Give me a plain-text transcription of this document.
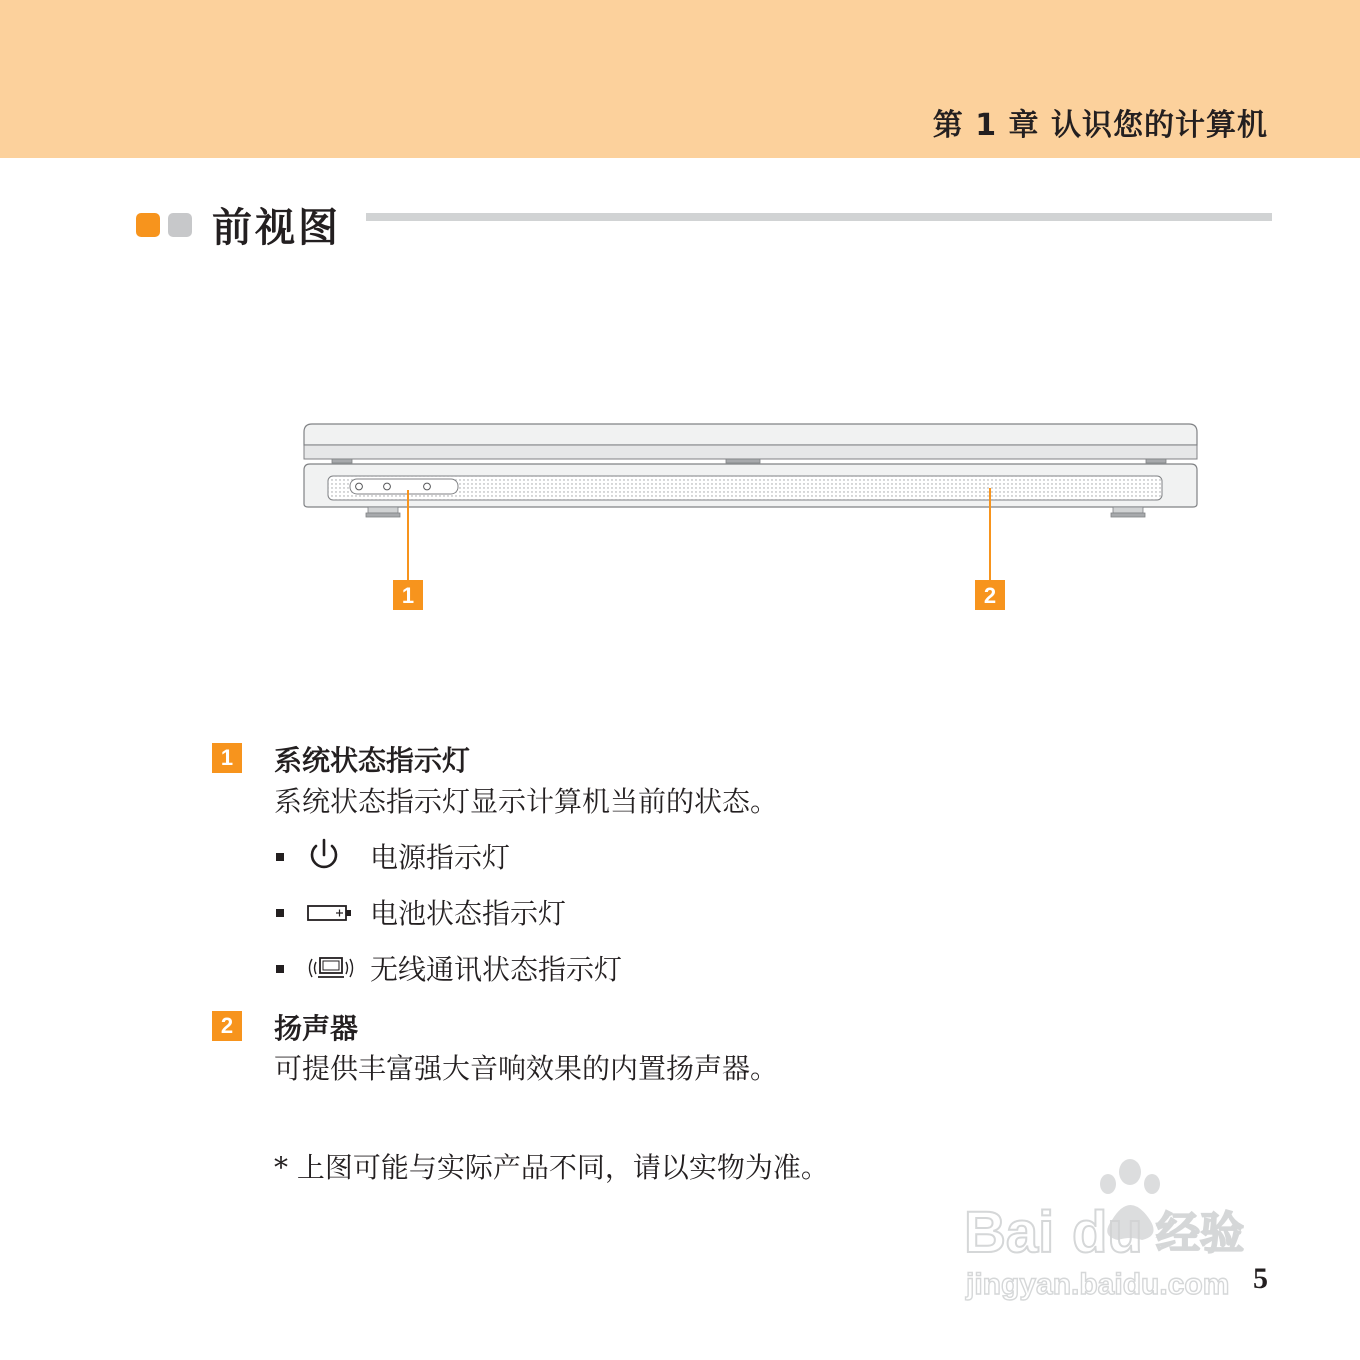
第 1 章 认识您的计算机
前视图
1	2
1	系统状态指示灯
系统状态指示灯显示计算机当前的状态。
电源指示灯
电池状态指示灯
无线通讯状态指示灯
2	扬声器
可提供丰富强大音响效果的内置扬声器。
* 上图可能与实际产品不同，请以实物为准。
Bai du 经验
jingyan.baidu.com 5
